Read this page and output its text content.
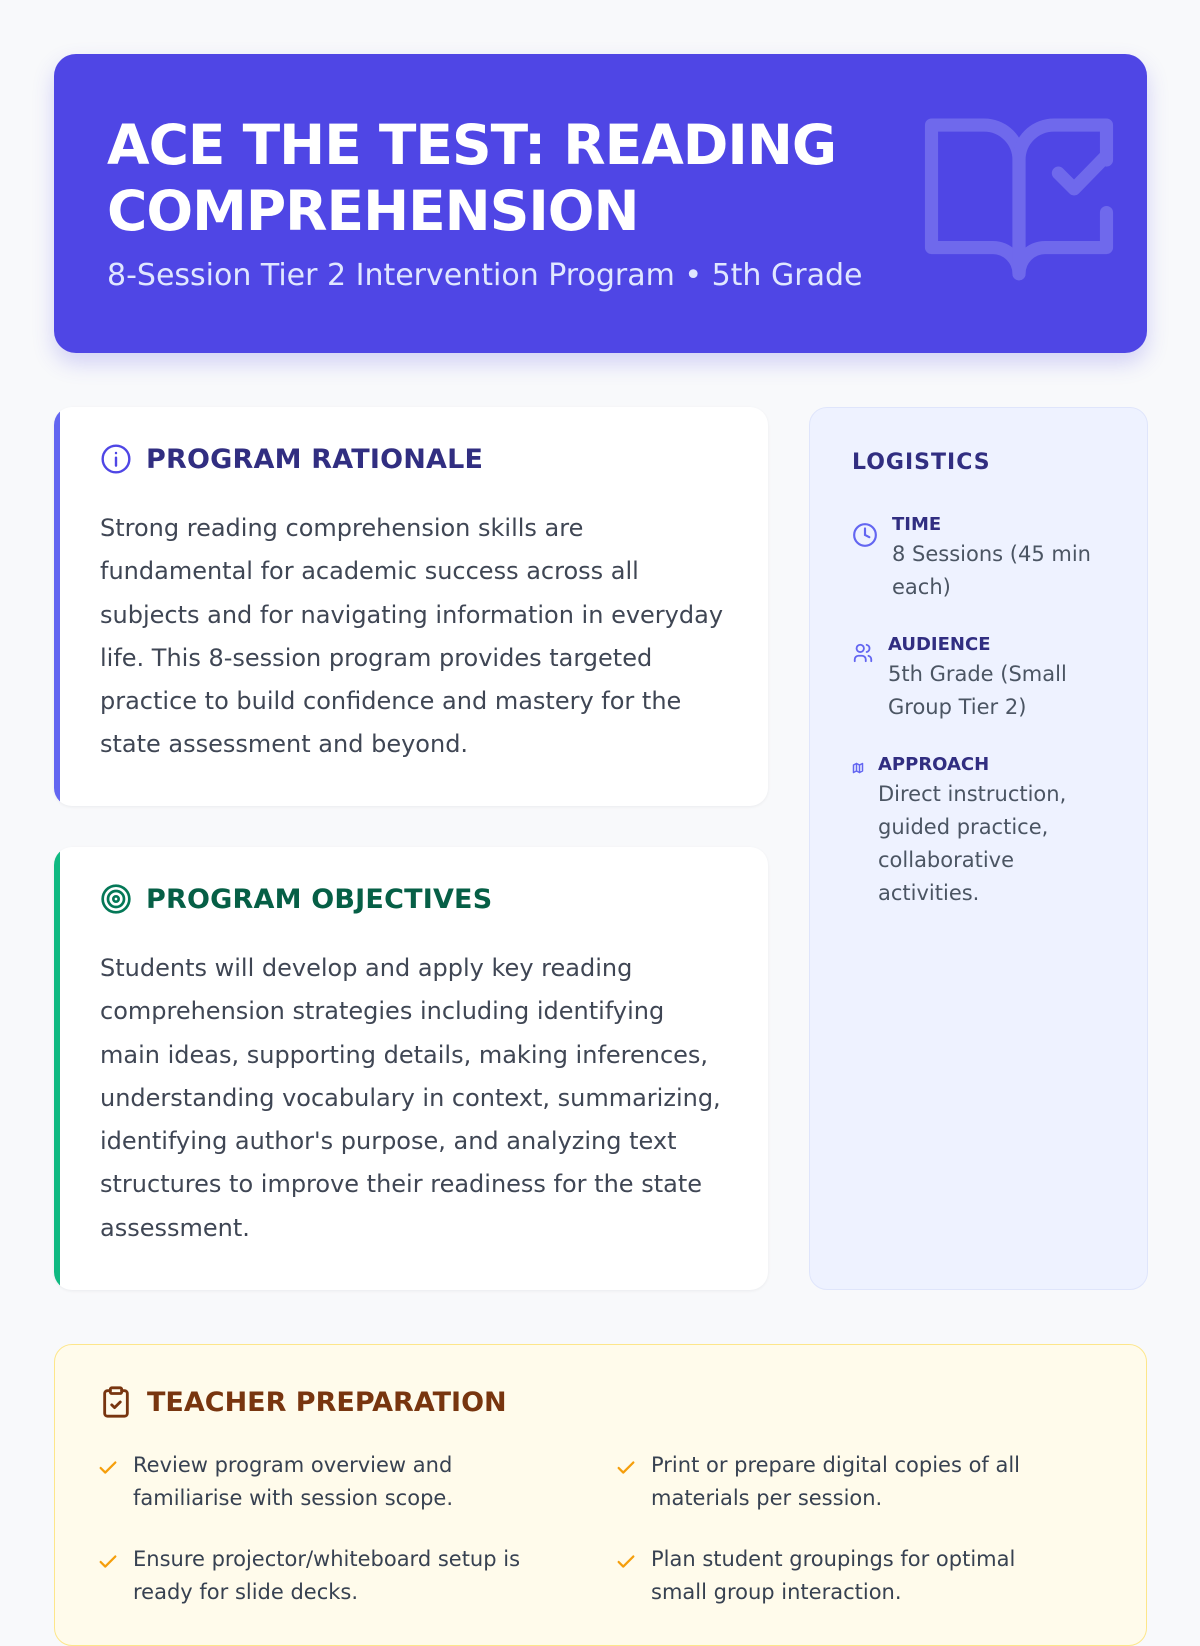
ACE THE TEST: READING COMPREHENSION

8-Session Tier 2 Intervention Program • 5th Grade

PROGRAM RATIONALE

Strong reading comprehension skills are fundamental for academic success across all subjects and for navigating information in everyday life. This 8-session program provides targeted practice to build confidence and mastery for the state assessment and beyond.

PROGRAM OBJECTIVES

Students will develop and apply key reading comprehension strategies including identifying main ideas, supporting details, making inferences, understanding vocabulary in context, summarizing, identifying author's purpose, and analyzing text structures to improve their readiness for the state assessment.

LOGISTICS
TIME
8 Sessions (45 min each)
AUDIENCE
5th Grade (Small Group Tier 2)
APPROACH
Direct instruction, guided practice, collaborative activities.
TEACHER PREPARATION
Review program overview and familiarise with session scope.
Print or prepare digital copies of all materials per session.
Ensure projector/whiteboard setup is ready for slide decks.
Plan student groupings for optimal small group interaction.
